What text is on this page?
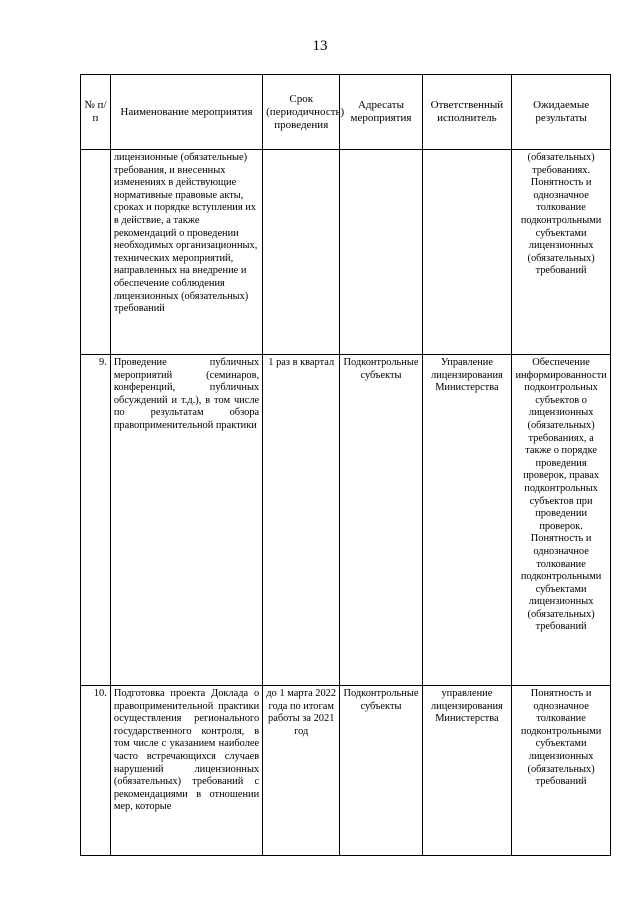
13
№ п/п	Наименование мероприятия	Срок (периодичность) проведения	Адресаты мероприятия	Ответственный исполнитель	Ожидаемые результаты
	лицензионные (обязательные) требования, и внесенных изменениях в действующие нормативные правовые акты, сроках и порядке вступления их в действие, а также рекомендаций о проведении необходимых организационных, технических мероприятий, направленных на внедрение и обеспечение соблюдения лицензионных (обязательных) требований				(обязательных) требованиях. Понятность и однозначное толкование подконтрольными субъектами лицензионных (обязательных) требований
9.	Проведение публичных мероприятий (семинаров, конференций, публичных обсуждений и т.д.), в том числе по результатам обзора правоприменительной практики	1 раз в квартал	Подконтрольные субъекты	Управление лицензирования Министерства	Обеспечение информированности подконтрольных субъектов о лицензионных (обязательных) требованиях, а также о порядке проведения проверок, правах подконтрольных субъектов при проведении проверок. Понятность и однозначное толкование подконтрольными субъектами лицензионных (обязательных) требований
10.	Подготовка проекта Доклада о правоприменительной практики осуществления регионального государственного контроля, в том числе с указанием наиболее часто встречающихся случаев нарушений лицензионных (обязательных) требований с рекомендациями в отношении мер, которые	до 1 марта 2022 года по итогам работы за 2021 год	Подконтрольные субъекты	управление лицензирования Министерства	Понятность и однозначное толкование подконтрольными субъектами лицензионных (обязательных) требований
